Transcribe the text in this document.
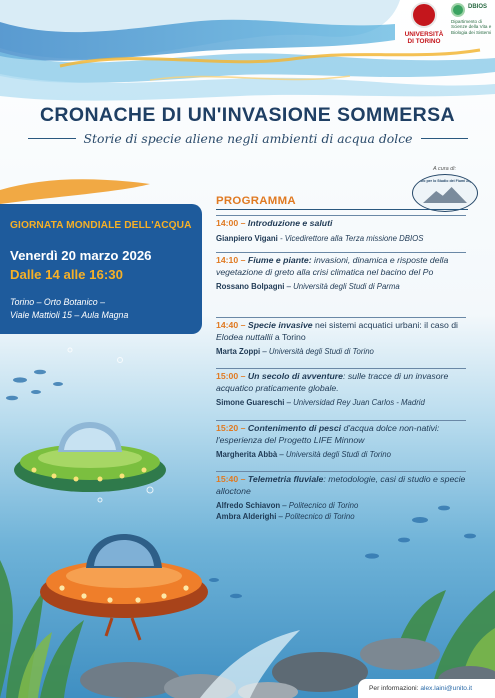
UNIVERSITÀ DI TORINO
DBIOS
Dipartimento di Scienze della Vita e Biologia dei Sistemi
CRONACHE DI UN'INVASIONE SOMMERSA
Storie di specie aliene negli ambienti di acqua dolce
A cura di:
Centro per lo Studio dei Fiumi Alpini
GIORNATA MONDIALE DELL'ACQUA
Venerdì 20 marzo 2026
Dalle 14 alle 16:30
Torino – Orto Botanico –
Viale Mattioli 15 – Aula Magna
PROGRAMMA
14:00 – Introduzione e saluti
Gianpiero Vigani - Vicedirettore alla Terza missione DBIOS
14:10 – Fiume e piante: invasioni, dinamica e risposte della vegetazione di greto alla crisi climatica nel bacino del Po
Rossano Bolpagni – Università degli Studi di Parma
14:40 – Specie invasive nei sistemi acquatici urbani: il caso di Elodea nuttallii a Torino
Marta Zoppi – Università degli Studi di Torino
15:00 – Un secolo di avventure: sulle tracce di un invasore acquatico praticamente globale.
Simone Guareschi – Universidad Rey Juan Carlos - Madrid
15:20 – Contenimento di pesci d'acqua dolce non-nativi: l'esperienza del Progetto LIFE Minnow
Margherita Abbà – Università degli Studi di Torino
15:40 – Telemetria fluviale: metodologie, casi di studio e specie alloctone
Alfredo Schiavon – Politecnico di Torino
Ambra Alderighi – Politecnico di Torino
Per informazioni: alex.laini@unito.it
